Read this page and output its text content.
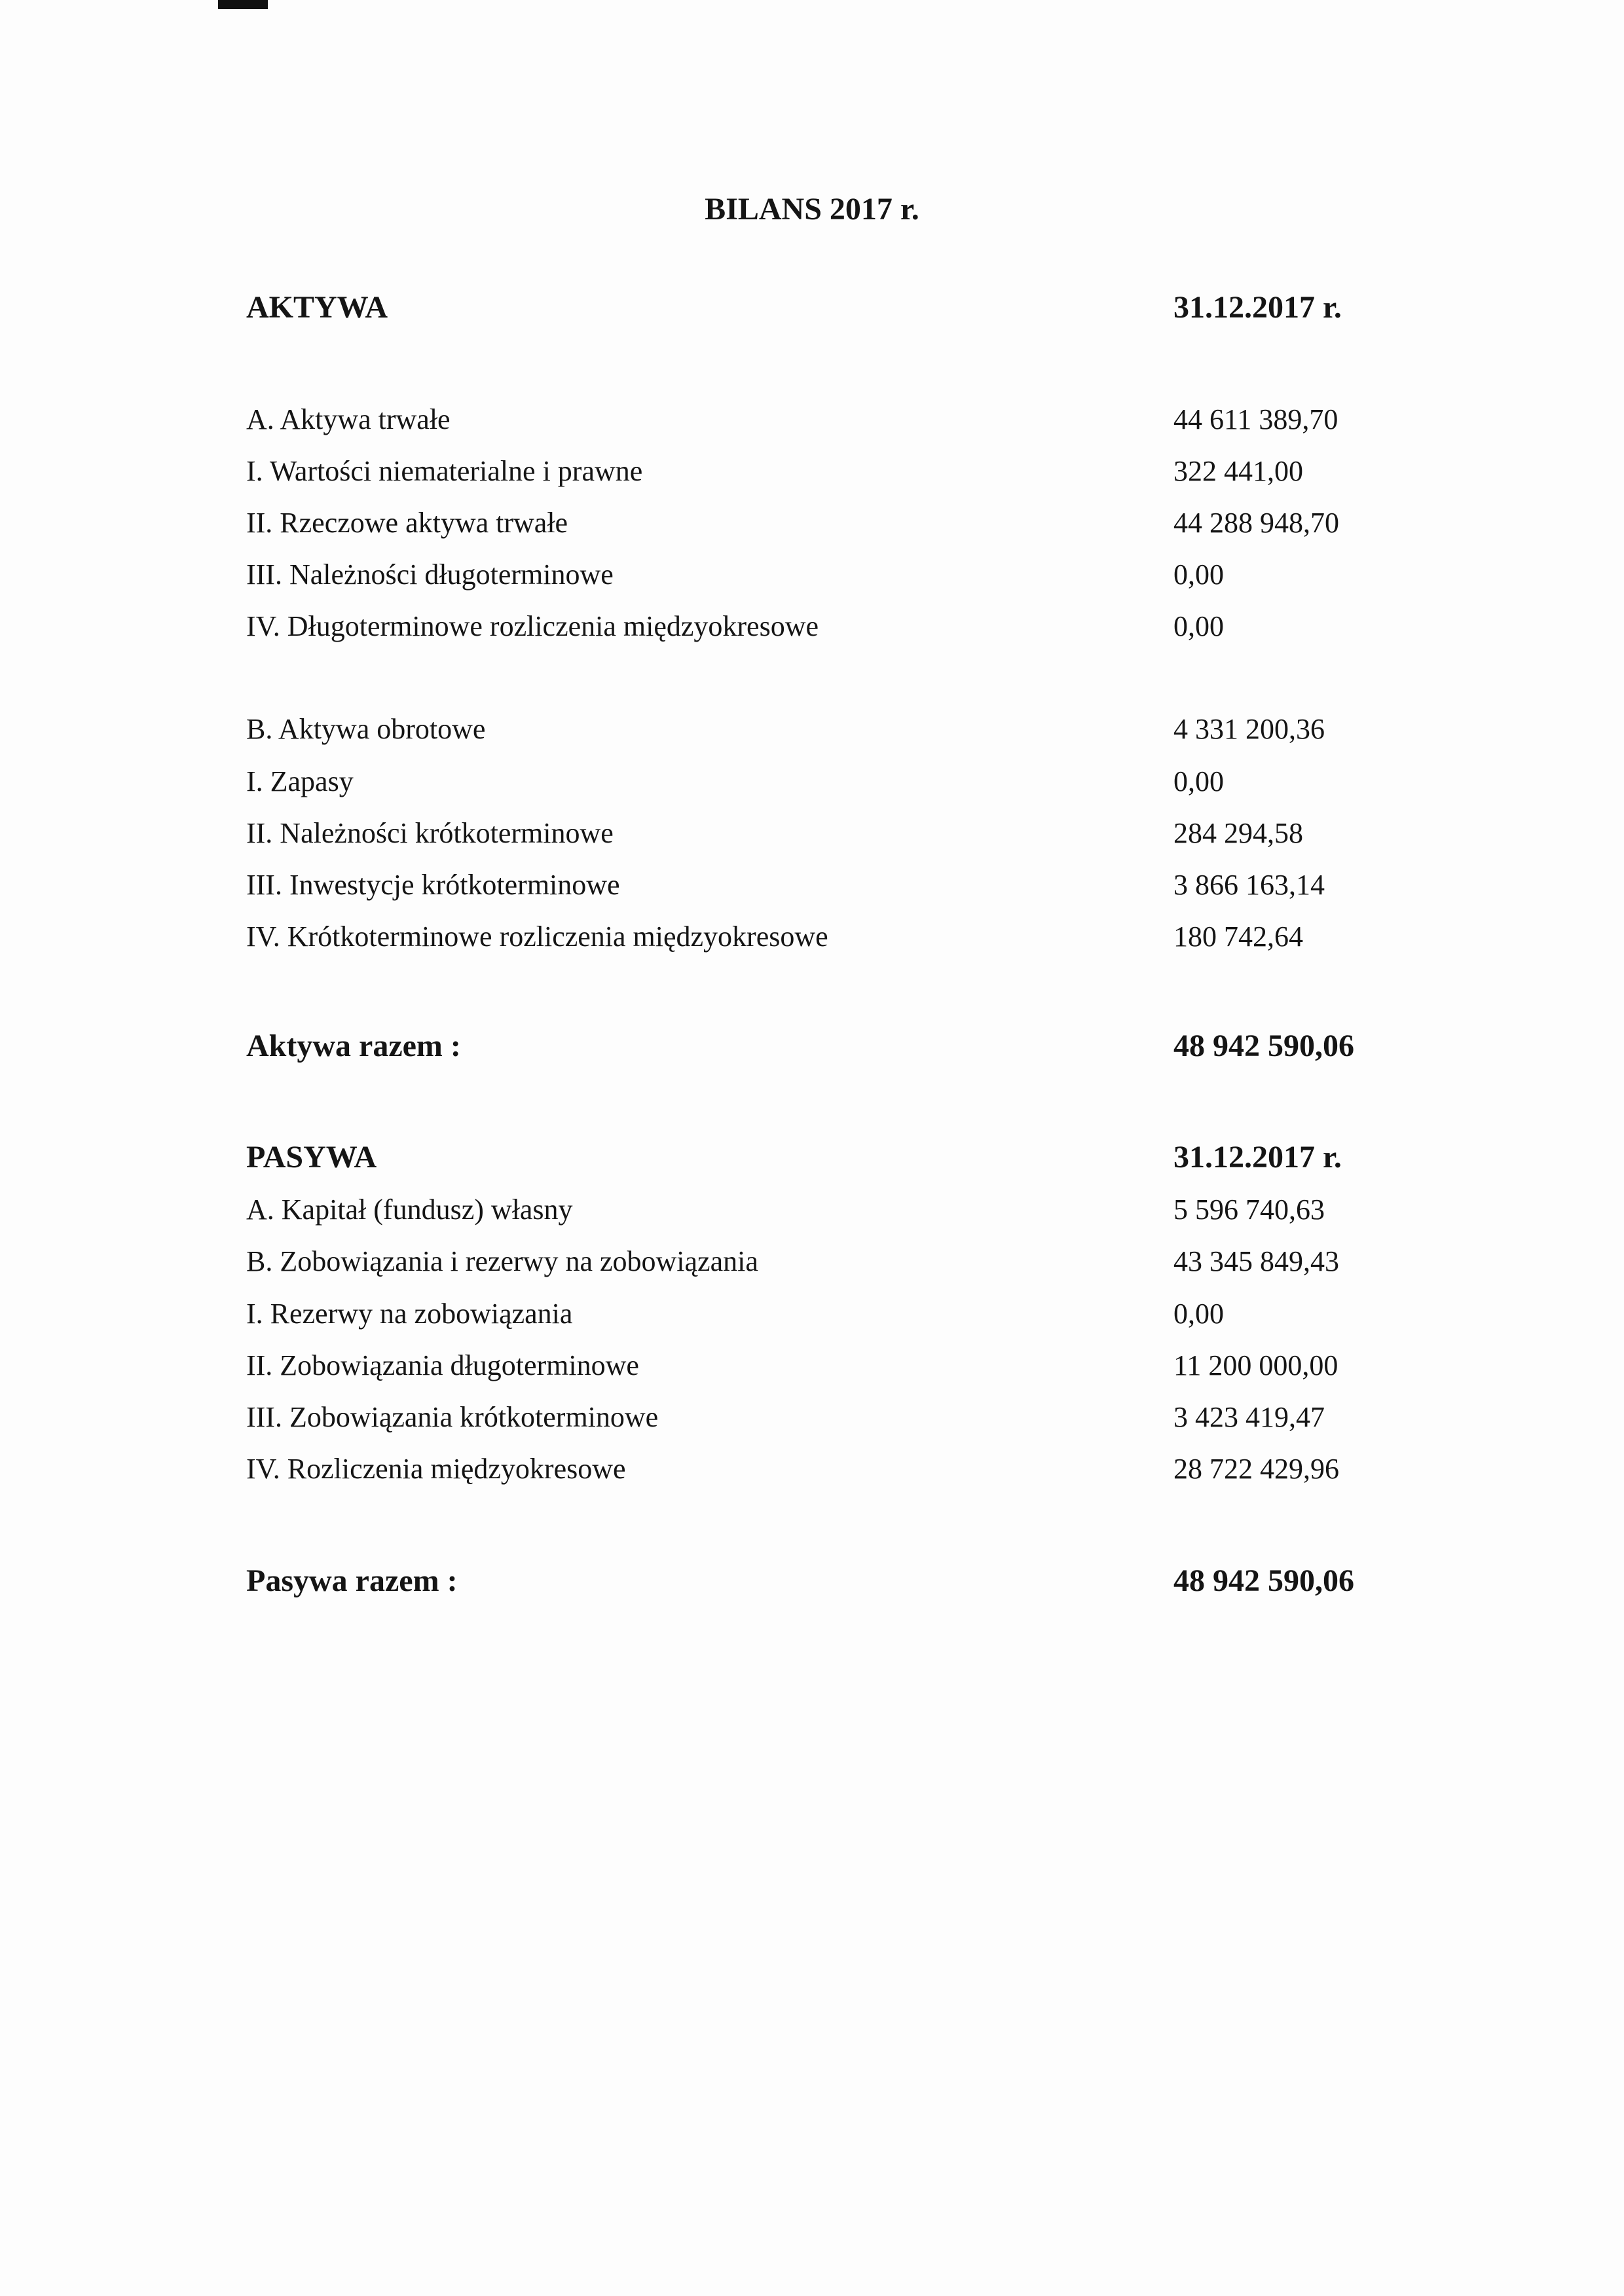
BILANS 2017 r.
AKTYWA	31.12.2017 r.
A. Aktywa trwałe	44 611 389,70
I. Wartości niematerialne i prawne	322 441,00
II. Rzeczowe aktywa trwałe	44 288 948,70
III. Należności długoterminowe	0,00
IV. Długoterminowe rozliczenia międzyokresowe	0,00
B. Aktywa obrotowe	4 331 200,36
I. Zapasy	0,00
II. Należności krótkoterminowe	284 294,58
III. Inwestycje krótkoterminowe	3 866 163,14
IV. Krótkoterminowe rozliczenia międzyokresowe	180 742,64
Aktywa razem :	48 942 590,06
PASYWA	31.12.2017 r.
A. Kapitał (fundusz) własny	5 596 740,63
B. Zobowiązania i rezerwy na zobowiązania	43 345 849,43
I. Rezerwy na zobowiązania	0,00
II. Zobowiązania długoterminowe	11 200 000,00
III. Zobowiązania krótkoterminowe	3 423 419,47
IV. Rozliczenia międzyokresowe	28 722 429,96
Pasywa razem :	48 942 590,06
